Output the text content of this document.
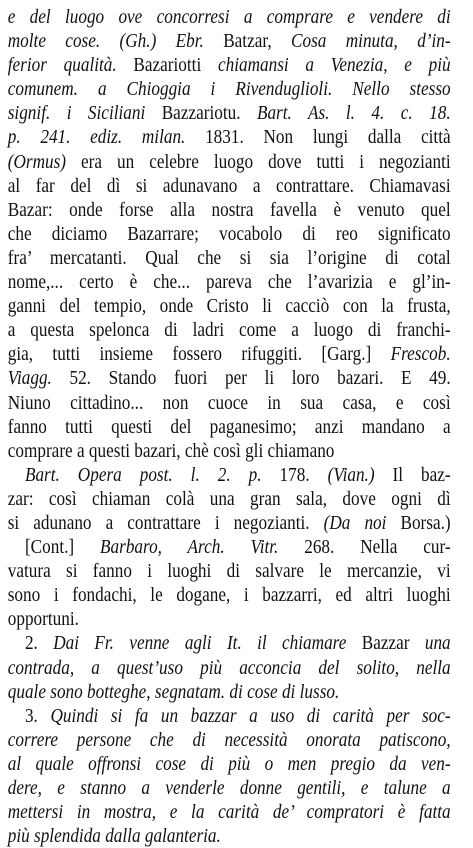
e del luogo ove concorresi a comprare e vendere di
molte cose. (Gh.) Ebr. Batzar, Cosa minuta, d’in-
ferior qualità. Bazariotti chiamansi a Venezia, e più
comunem. a Chioggia i Rivenduglioli. Nello stesso
signif. i Siciliani Bazzariotu. Bart. As. l. 4. c. 18.
p. 241. ediz. milan. 1831. Non lungi dalla città
(Ormus) era un celebre luogo dove tutti i negozianti
al far del dì si adunavano a contrattare. Chiamavasi
Bazar: onde forse alla nostra favella è venuto quel
che diciamo Bazarrare; vocabolo di reo significato
fra’ mercatanti. Qual che si sia l’origine di cotal
nome,... certo è che... pareva che l’avarizia e gl’in-
ganni del tempio, onde Cristo li cacciò con la frusta,
a questa spelonca di ladri come a luogo di franchi-
gia, tutti insieme fossero rifuggiti. [Garg.] Frescob.
Viagg. 52. Stando fuori per li loro bazari. E 49.
Niuno cittadino... non cuoce in sua casa, e così
fanno tutti questi del paganesimo; anzi mandano a
comprare a questi bazari, chè così gli chiamano
Bart. Opera post. l. 2. p. 178. (Vian.) Il baz-
zar: così chiaman colà una gran sala, dove ogni dì
si adunano a contrattare i negozianti. (Da noi Borsa.)
[Cont.] Barbaro, Arch. Vitr. 268. Nella cur-
vatura si fanno i luoghi di salvare le mercanzie, vi
sono i fondachi, le dogane, i bazzarri, ed altri luoghi
opportuni.
2. Dai Fr. venne agli It. il chiamare Bazzar una
contrada, a quest’uso più acconcia del solito, nella
quale sono botteghe, segnatam. di cose di lusso.
3. Quindi si fa un bazzar a uso di carità per soc-
correre persone che di necessità onorata patiscono,
al quale offronsi cose di più o men pregio da ven-
dere, e stanno a venderle donne gentili, e talune a
mettersi in mostra, e la carità de’ compratori è fatta
più splendida dalla galanteria.
